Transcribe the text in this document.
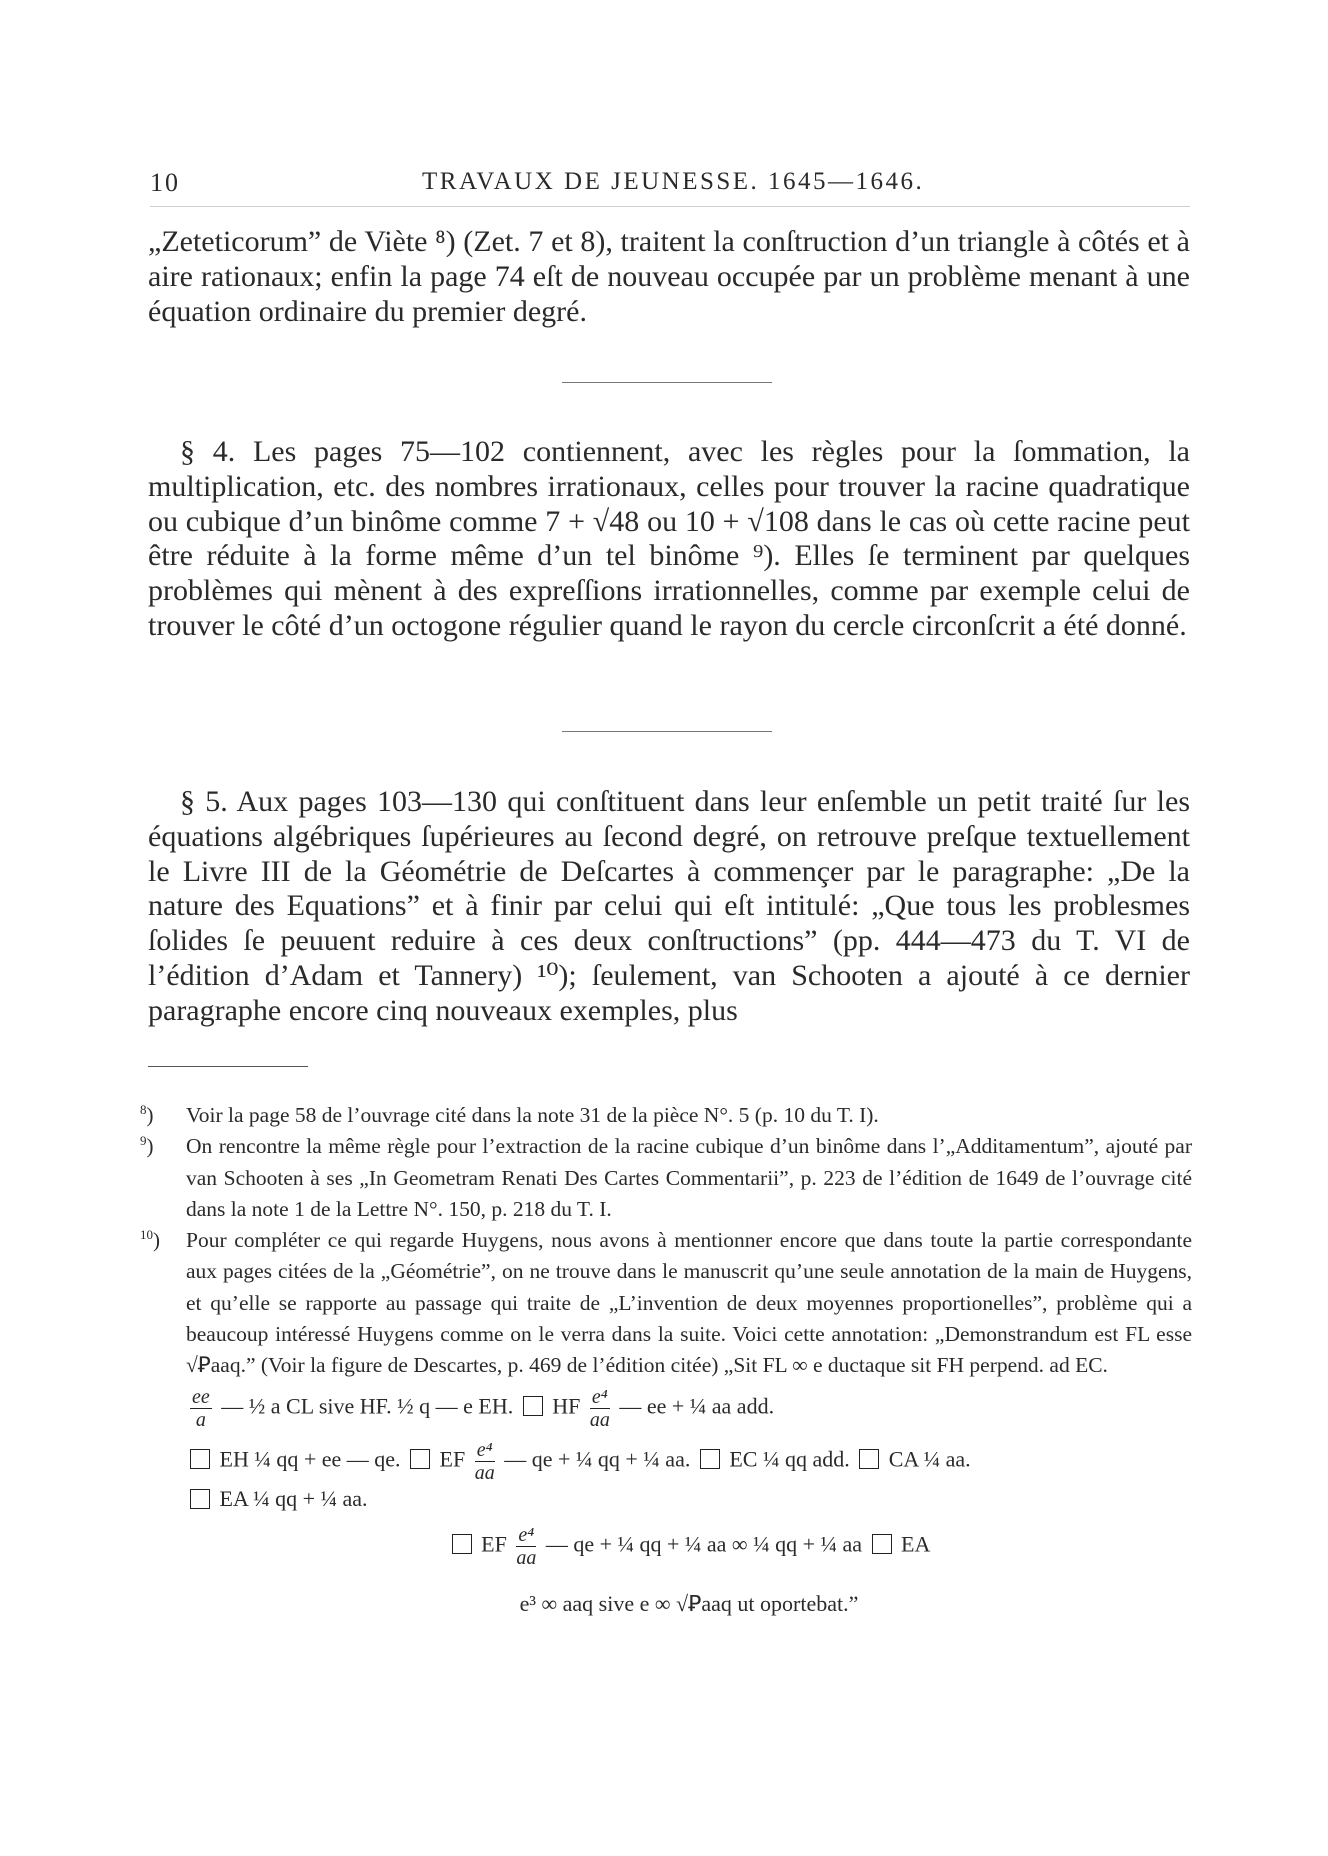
10	TRAVAUX DE JEUNESSE. 1645—1646.
„Zeteticorum” de Viète ⁸) (Zet. 7 et 8), traitent la conſtruction d’un triangle à côtés et à aire rationaux; enfin la page 74 eſt de nouveau occupée par un problème menant à une équation ordinaire du premier degré.
§ 4. Les pages 75—102 contiennent, avec les règles pour la ſommation, la multiplication, etc. des nombres irrationaux, celles pour trouver la racine quadratique ou cubique d’un binôme comme 7 + √48 ou 10 + √108 dans le cas où cette racine peut être réduite à la forme même d’un tel binôme ⁹). Elles ſe terminent par quelques problèmes qui mènent à des expreſſions irrationnelles, comme par exemple celui de trouver le côté d’un octogone régulier quand le rayon du cercle circonſcrit a été donné.
§ 5. Aux pages 103—130 qui conſtituent dans leur enſemble un petit traité ſur les équations algébriques ſupérieures au ſecond degré, on retrouve preſque textuellement le Livre III de la Géométrie de Deſcartes à commençer par le paragraphe: „De la nature des Equations” et à finir par celui qui eſt intitulé: „Que tous les problesmes ſolides ſe peuuent reduire à ces deux conſtructions” (pp. 444—473 du T. VI de l’édition d’Adam et Tannery) ¹⁰); ſeulement, van Schooten a ajouté à ce dernier paragraphe encore cinq nouveaux exemples, plus
$^8$) Voir la page 58 de l’ouvrage cité dans la note 31 de la pièce N°. 5 (p. 10 du T. I).
$^9$) On rencontre la même règle pour l’extraction de la racine cubique d’un binôme dans l’„Additamentum”, ajouté par van Schooten à ses „In Geometram Renati Des Cartes Commentarii”, p. 223 de l’édition de 1649 de l’ouvrage cité dans la note 1 de la Lettre N°. 150, p. 218 du T. I.
$^{10}$) Pour compléter ce qui regarde Huygens, nous avons à mentionner encore que dans toute la partie correspondante aux pages citées de la „Géométrie”, on ne trouve dans le manuscrit qu’une seule annotation de la main de Huygens, et qu’elle se rapporte au passage qui traite de „L’invention de deux moyennes proportionelles”, problème qui a beaucoup intéressé Huygens comme on le verra dans la suite. Voici cette annotation: „Demonstrandum est FL esse √Ꝑaaq.” (Voir la figure de Descartes, p. 469 de l’édition citée) „Sit FL ∞ e ductaque sit FH perpend. ad EC.
$\frac{ee}{a}$ — ½ a CL sive HF. ½ q — e EH. HF $\frac{\text{e⁴}}{aa}$ — ee + ¼ aa add.
EH ¼ qq + ee — qe. EF $\frac{\text{e⁴}}{aa}$ — qe + ¼ qq + ¼ aa. EC ¼ qq add. CA ¼ aa.
EA ¼ qq + ¼ aa.
EF $\frac{\text{e⁴}}{aa}$ — qe + ¼ qq + ¼ aa ∞ ¼ qq + ¼ aa EA
e³ ∞ aaq sive e ∞ √Ꝑaaq ut oportebat.”
